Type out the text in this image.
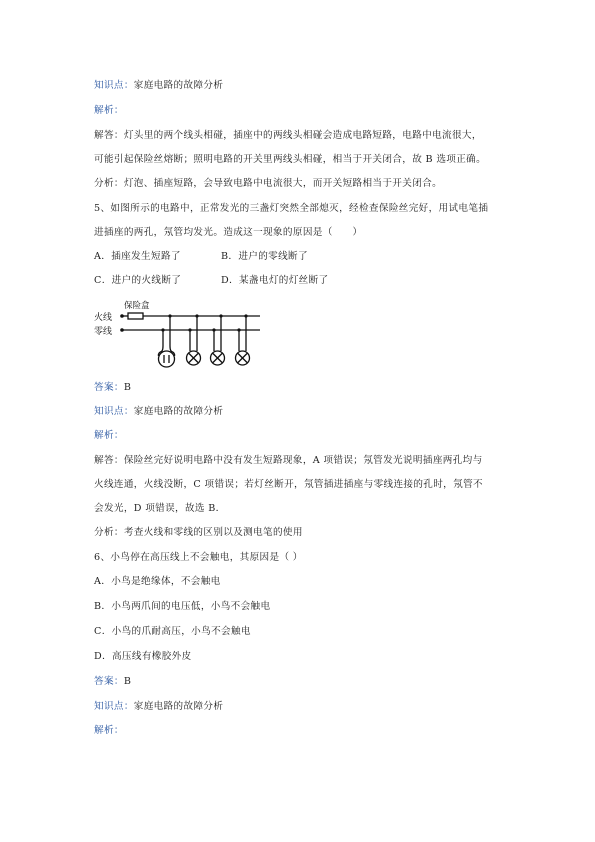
知识点：家庭电路的故障分析
解析：
解答：灯头里的两个线头相碰，插座中的两线头相碰会造成电路短路，电路中电流很大，
可能引起保险丝熔断；照明电路的开关里两线头相碰，相当于开关闭合，故 B 选项正确。
分析：灯泡、插座短路，会导致电路中电流很大，而开关短路相当于开关闭合。
5、如图所示的电路中，正常发光的三盏灯突然全部熄灭，经检查保险丝完好，用试电笔插
进插座的两孔，氖管均发光。造成这一现象的原因是（　　）
A．插座发生短路了	B．进户的零线断了
C．进户的火线断了	D．某盏电灯的灯丝断了
火线
零线
保险盒
答案：B
知识点：家庭电路的故障分析
解析：
解答：保险丝完好说明电路中没有发生短路现象，A 项错误；氖管发光说明插座两孔均与
火线连通，火线没断，C 项错误；若灯丝断开，氖管插进插座与零线连接的孔时，氖管不
会发光，D 项错误，故选 B．
分析：考查火线和零线的区别以及测电笔的使用
6、小鸟停在高压线上不会触电，其原因是（ ）
A．小鸟是绝缘体，不会触电
B．小鸟两爪间的电压低，小鸟不会触电
C．小鸟的爪耐高压，小鸟不会触电
D．高压线有橡胶外皮
答案：B
知识点：家庭电路的故障分析
解析：
